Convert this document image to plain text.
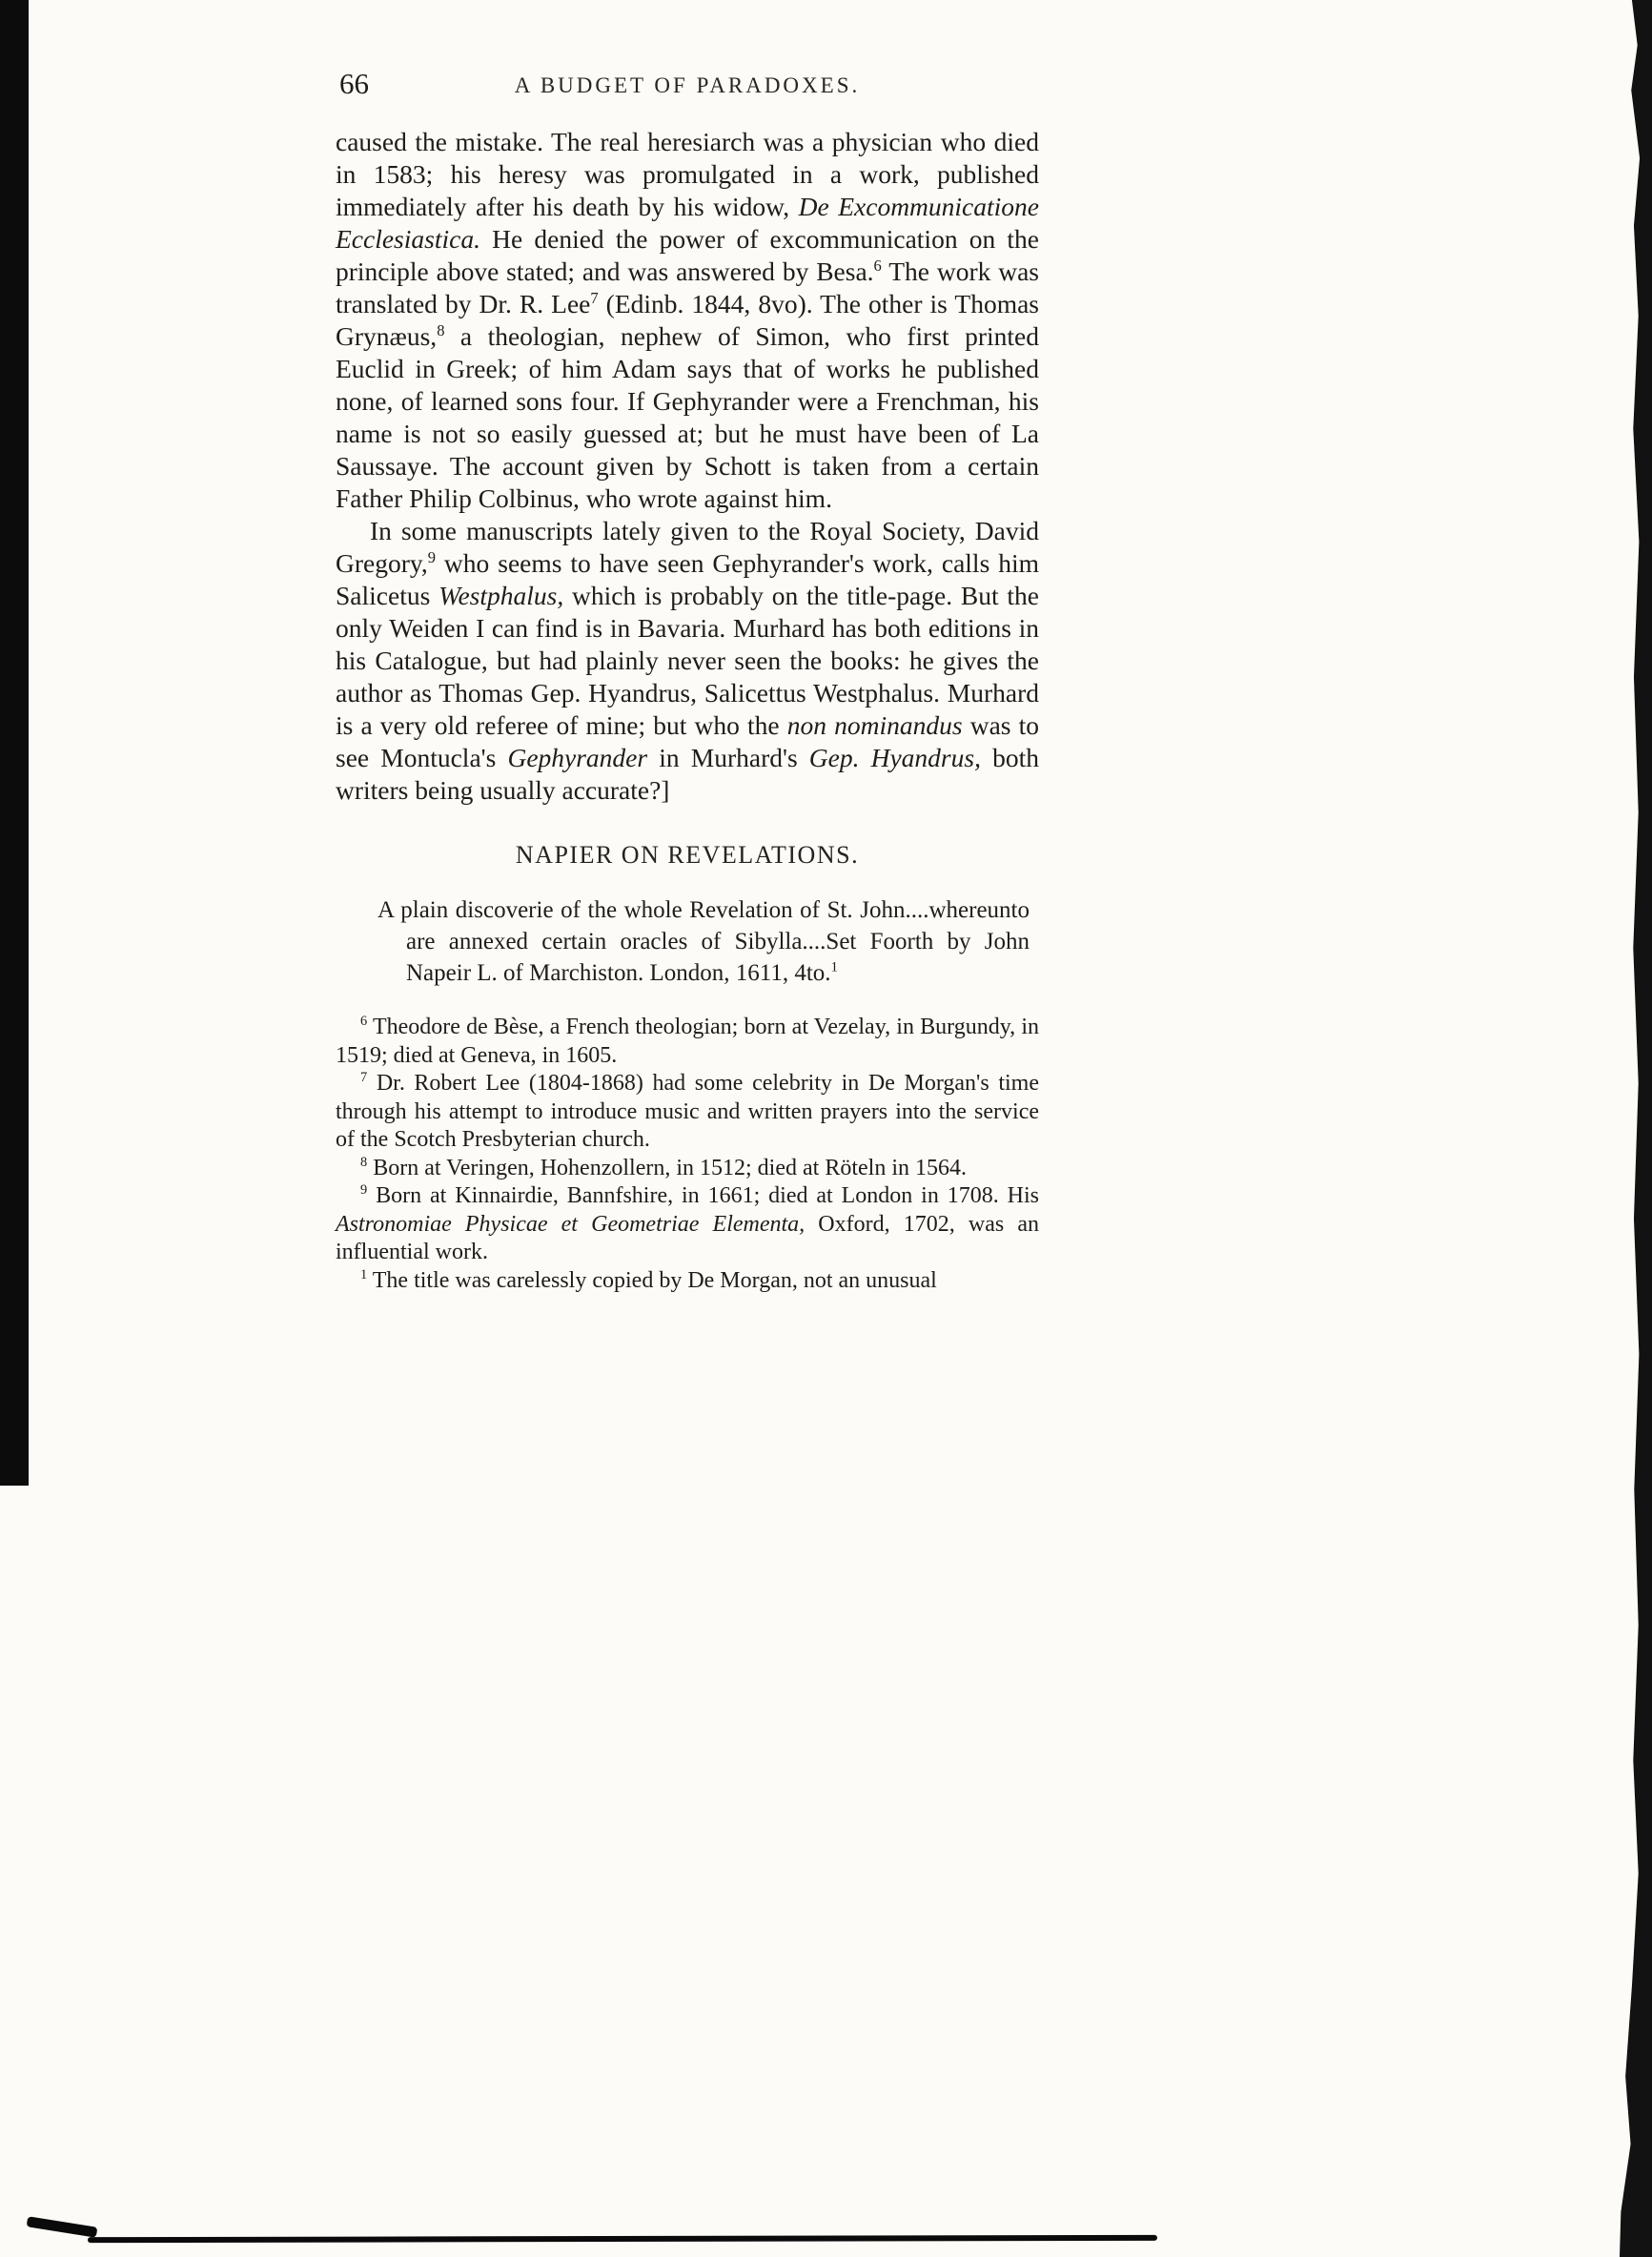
66	A BUDGET OF PARADOXES.

caused the mistake. The real heresiarch was a physician who died in 1583; his heresy was promulgated in a work, published immediately after his death by his widow, De Excommunicatione Ecclesiastica. He denied the power of excommunication on the principle above stated; and was answered by Besa.$^6$ The work was translated by Dr. R. Lee$^7$ (Edinb. 1844, 8vo). The other is Thomas Grynæus,$^8$ a theologian, nephew of Simon, who first printed Euclid in Greek; of him Adam says that of works he published none, of learned sons four. If Gephyrander were a Frenchman, his name is not so easily guessed at; but he must have been of La Saussaye. The account given by Schott is taken from a certain Father Philip Colbinus, who wrote against him.

In some manuscripts lately given to the Royal Society, David Gregory,$^9$ who seems to have seen Gephyrander's work, calls him Salicetus Westphalus, which is probably on the title-page. But the only Weiden I can find is in Bavaria. Murhard has both editions in his Catalogue, but had plainly never seen the books: he gives the author as Thomas Gep. Hyandrus, Salicettus Westphalus. Murhard is a very old referee of mine; but who the non nominandus was to see Montucla's Gephyrander in Murhard's Gep. Hyandrus, both writers being usually accurate?]

NAPIER ON REVELATIONS.

A plain discoverie of the whole Revelation of St. John....whereunto are annexed certain oracles of Sibylla....Set Foorth by John Napeir L. of Marchiston. London, 1611, 4to.$^1$

$^6$ Theodore de Bèse, a French theologian; born at Vezelay, in Burgundy, in 1519; died at Geneva, in 1605.

$^7$ Dr. Robert Lee (1804-1868) had some celebrity in De Morgan's time through his attempt to introduce music and written prayers into the service of the Scotch Presbyterian church.

$^8$ Born at Veringen, Hohenzollern, in 1512; died at Röteln in 1564.

$^9$ Born at Kinnairdie, Bannfshire, in 1661; died at London in 1708. His Astronomiae Physicae et Geometriae Elementa, Oxford, 1702, was an influential work.

$^1$ The title was carelessly copied by De Morgan, not an unusual
